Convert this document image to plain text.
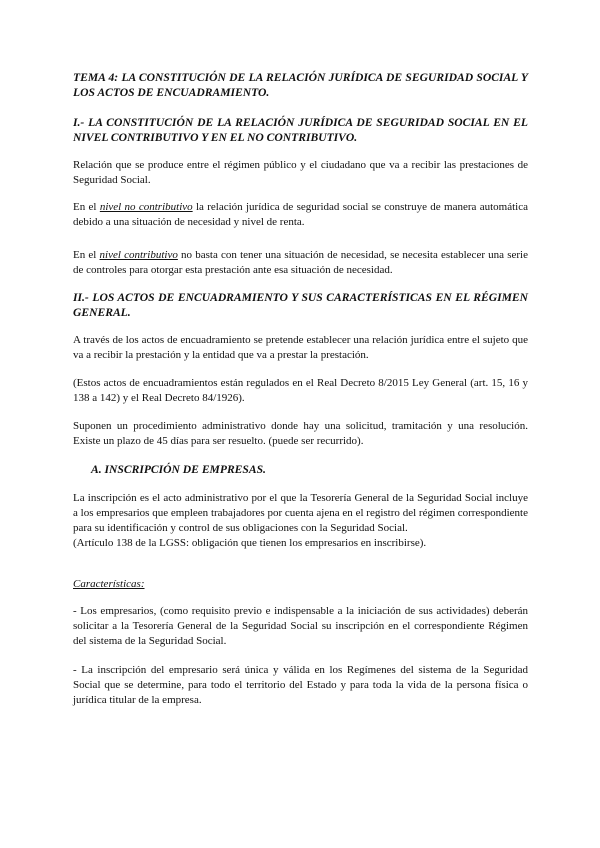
TEMA 4: LA CONSTITUCIÓN DE LA RELACIÓN JURÍDICA DE SEGURIDAD SOCIAL Y LOS ACTOS DE ENCUADRAMIENTO.

I.- LA CONSTITUCIÓN DE LA RELACIÓN JURÍDICA DE SEGURIDAD SOCIAL EN EL NIVEL CONTRIBUTIVO Y EN EL NO CONTRIBUTIVO.

Relación que se produce entre el régimen público y el ciudadano que va a recibir las prestaciones de Seguridad Social.

En el nivel no contributivo la relación jurídica de seguridad social se construye de manera automática debido a una situación de necesidad y nivel de renta.

En el nivel contributivo no basta con tener una situación de necesidad, se necesita establecer una serie de controles para otorgar esta prestación ante esa situación de necesidad.

II.- LOS ACTOS DE ENCUADRAMIENTO Y SUS CARACTERÍSTICAS EN EL RÉGIMEN GENERAL.

A través de los actos de encuadramiento se pretende establecer una relación jurídica entre el sujeto que va a recibir la prestación y la entidad que va a prestar la prestación.

(Estos actos de encuadramientos están regulados en el Real Decreto 8/2015 Ley General (art. 15, 16 y 138 a 142) y el Real Decreto 84/1926).

Suponen un procedimiento administrativo donde hay una solicitud, tramitación y una resolución. Existe un plazo de 45 días para ser resuelto. (puede ser recurrido).

A. INSCRIPCIÓN DE EMPRESAS.

La inscripción es el acto administrativo por el que la Tesorería General de la Seguridad Social incluye a los empresarios que empleen trabajadores por cuenta ajena en el registro del régimen correspondiente para su identificación y control de sus obligaciones con la Seguridad Social.

(Artículo 138 de la LGSS: obligación que tienen los empresarios en inscribirse).

Características:

- Los empresarios, (como requisito previo e indispensable a la iniciación de sus actividades) deberán solicitar a la Tesorería General de la Seguridad Social su inscripción en el correspondiente Régimen del sistema de la Seguridad Social.

- La inscripción del empresario será única y válida en los Regímenes del sistema de la Seguridad Social que se determine, para todo el territorio del Estado y para toda la vida de la persona física o jurídica titular de la empresa.
